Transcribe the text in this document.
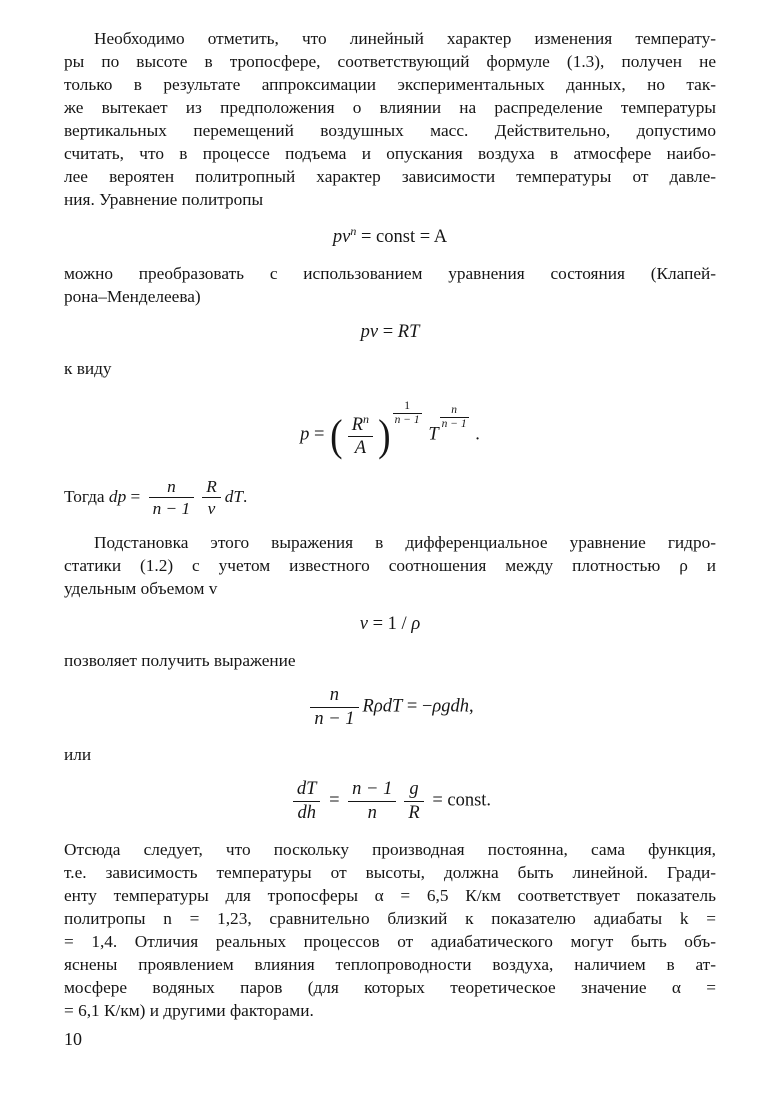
Необходимо отметить, что линейный характер изменения температу-
ры по высоте в тропосфере, соответствующий формуле (1.3), получен не
только в результате аппроксимации экспериментальных данных, но так-
же вытекает из предположения о влиянии на распределение температуры
вертикальных перемещений воздушных масс. Действительно, допустимо
считать, что в процессе подъема и опускания воздуха в атмосфере наибо-
лее вероятен политропный характер зависимости температуры от давле-
ния. Уравнение политропы
$pv^n$ = const = A
можно преобразовать с использованием уравнения состояния (Клапей-
рона–Менделеева)
pv = RT
к виду
p = ( $\frac{R^n}{A}$ ) $\frac{1}{n - 1}$
T
$\frac{n}{n - 1}$
.
Тогда dp = $\frac{n}{n - 1} \frac{R}{v}$ dT.
Подстановка этого выражения в дифференциальное уравнение гидро-
статики (1.2) с учетом известного соотношения между плотностью ρ и
удельным объемом v
v = 1 / ρ
позволяет получить выражение
$\frac{n}{n - 1}$ RρdT = −ρgdh,
или
$\frac{dT}{dh} = \frac{n - 1}{n} \frac{g}{R}$ = const.
Отсюда следует, что поскольку производная постоянна, сама функция,
т.е. зависимость температуры от высоты, должна быть линейной. Гради-
енту температуры для тропосферы α = 6,5 К/км соответствует показатель
политропы n = 1,23, сравнительно близкий к показателю адиабаты k =
= 1,4. Отличия реальных процессов от адиабатического могут быть объ-
яснены проявлением влияния теплопроводности воздуха, наличием в ат-
мосфере водяных паров (для которых теоретическое значение α =
= 6,1 К/км) и другими факторами.
10
